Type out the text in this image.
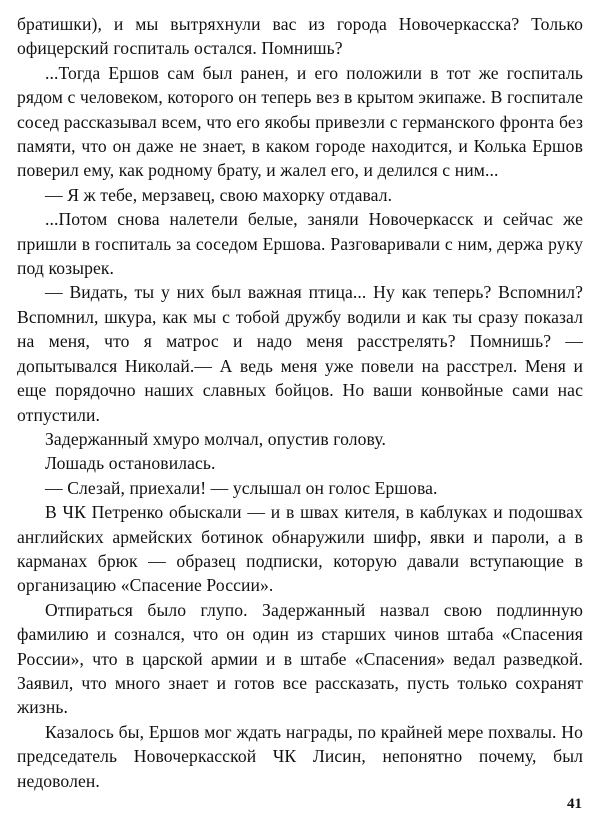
братишки), и мы вытряхнули вас из города Новочеркасска? Только офицерский госпиталь остался. Помнишь?

...Тогда Ершов сам был ранен, и его положили в тот же госпиталь рядом с человеком, которого он теперь вез в крытом экипаже. В госпитале сосед рассказывал всем, что его якобы привезли с германского фронта без памяти, что он даже не знает, в каком городе находится, и Колька Ершов поверил ему, как родному брату, и жалел его, и делился с ним...

— Я ж тебе, мерзавец, свою махорку отдавал.

...Потом снова налетели белые, заняли Новочеркасск и сейчас же пришли в госпиталь за соседом Ершова. Разговаривали с ним, держа руку под козырек.

— Видать, ты у них был важная птица... Ну как теперь? Вспомнил? Вспомнил, шкура, как мы с тобой дружбу водили и как ты сразу показал на меня, что я матрос и надо меня расстрелять? Помнишь? — допытывался Николай.— А ведь меня уже повели на расстрел. Меня и еще порядочно наших славных бойцов. Но ваши конвойные сами нас отпустили.

Задержанный хмуро молчал, опустив голову.

Лошадь остановилась.

— Слезай, приехали! — услышал он голос Ершова.

В ЧК Петренко обыскали — и в швах кителя, в каблуках и подошвах английских армейских ботинок обнаружили шифр, явки и пароли, а в карманах брюк — образец подписки, которую давали вступающие в организацию «Спасение России».

Отпираться было глупо. Задержанный назвал свою подлинную фамилию и сознался, что он один из старших чинов штаба «Спасения России», что в царской армии и в штабе «Спасения» ведал разведкой. Заявил, что много знает и готов все рассказать, пусть только сохранят жизнь.

Казалось бы, Ершов мог ждать награды, по крайней мере похвалы. Но председатель Новочеркасской ЧК Лисин, непонятно почему, был недоволен.

41
